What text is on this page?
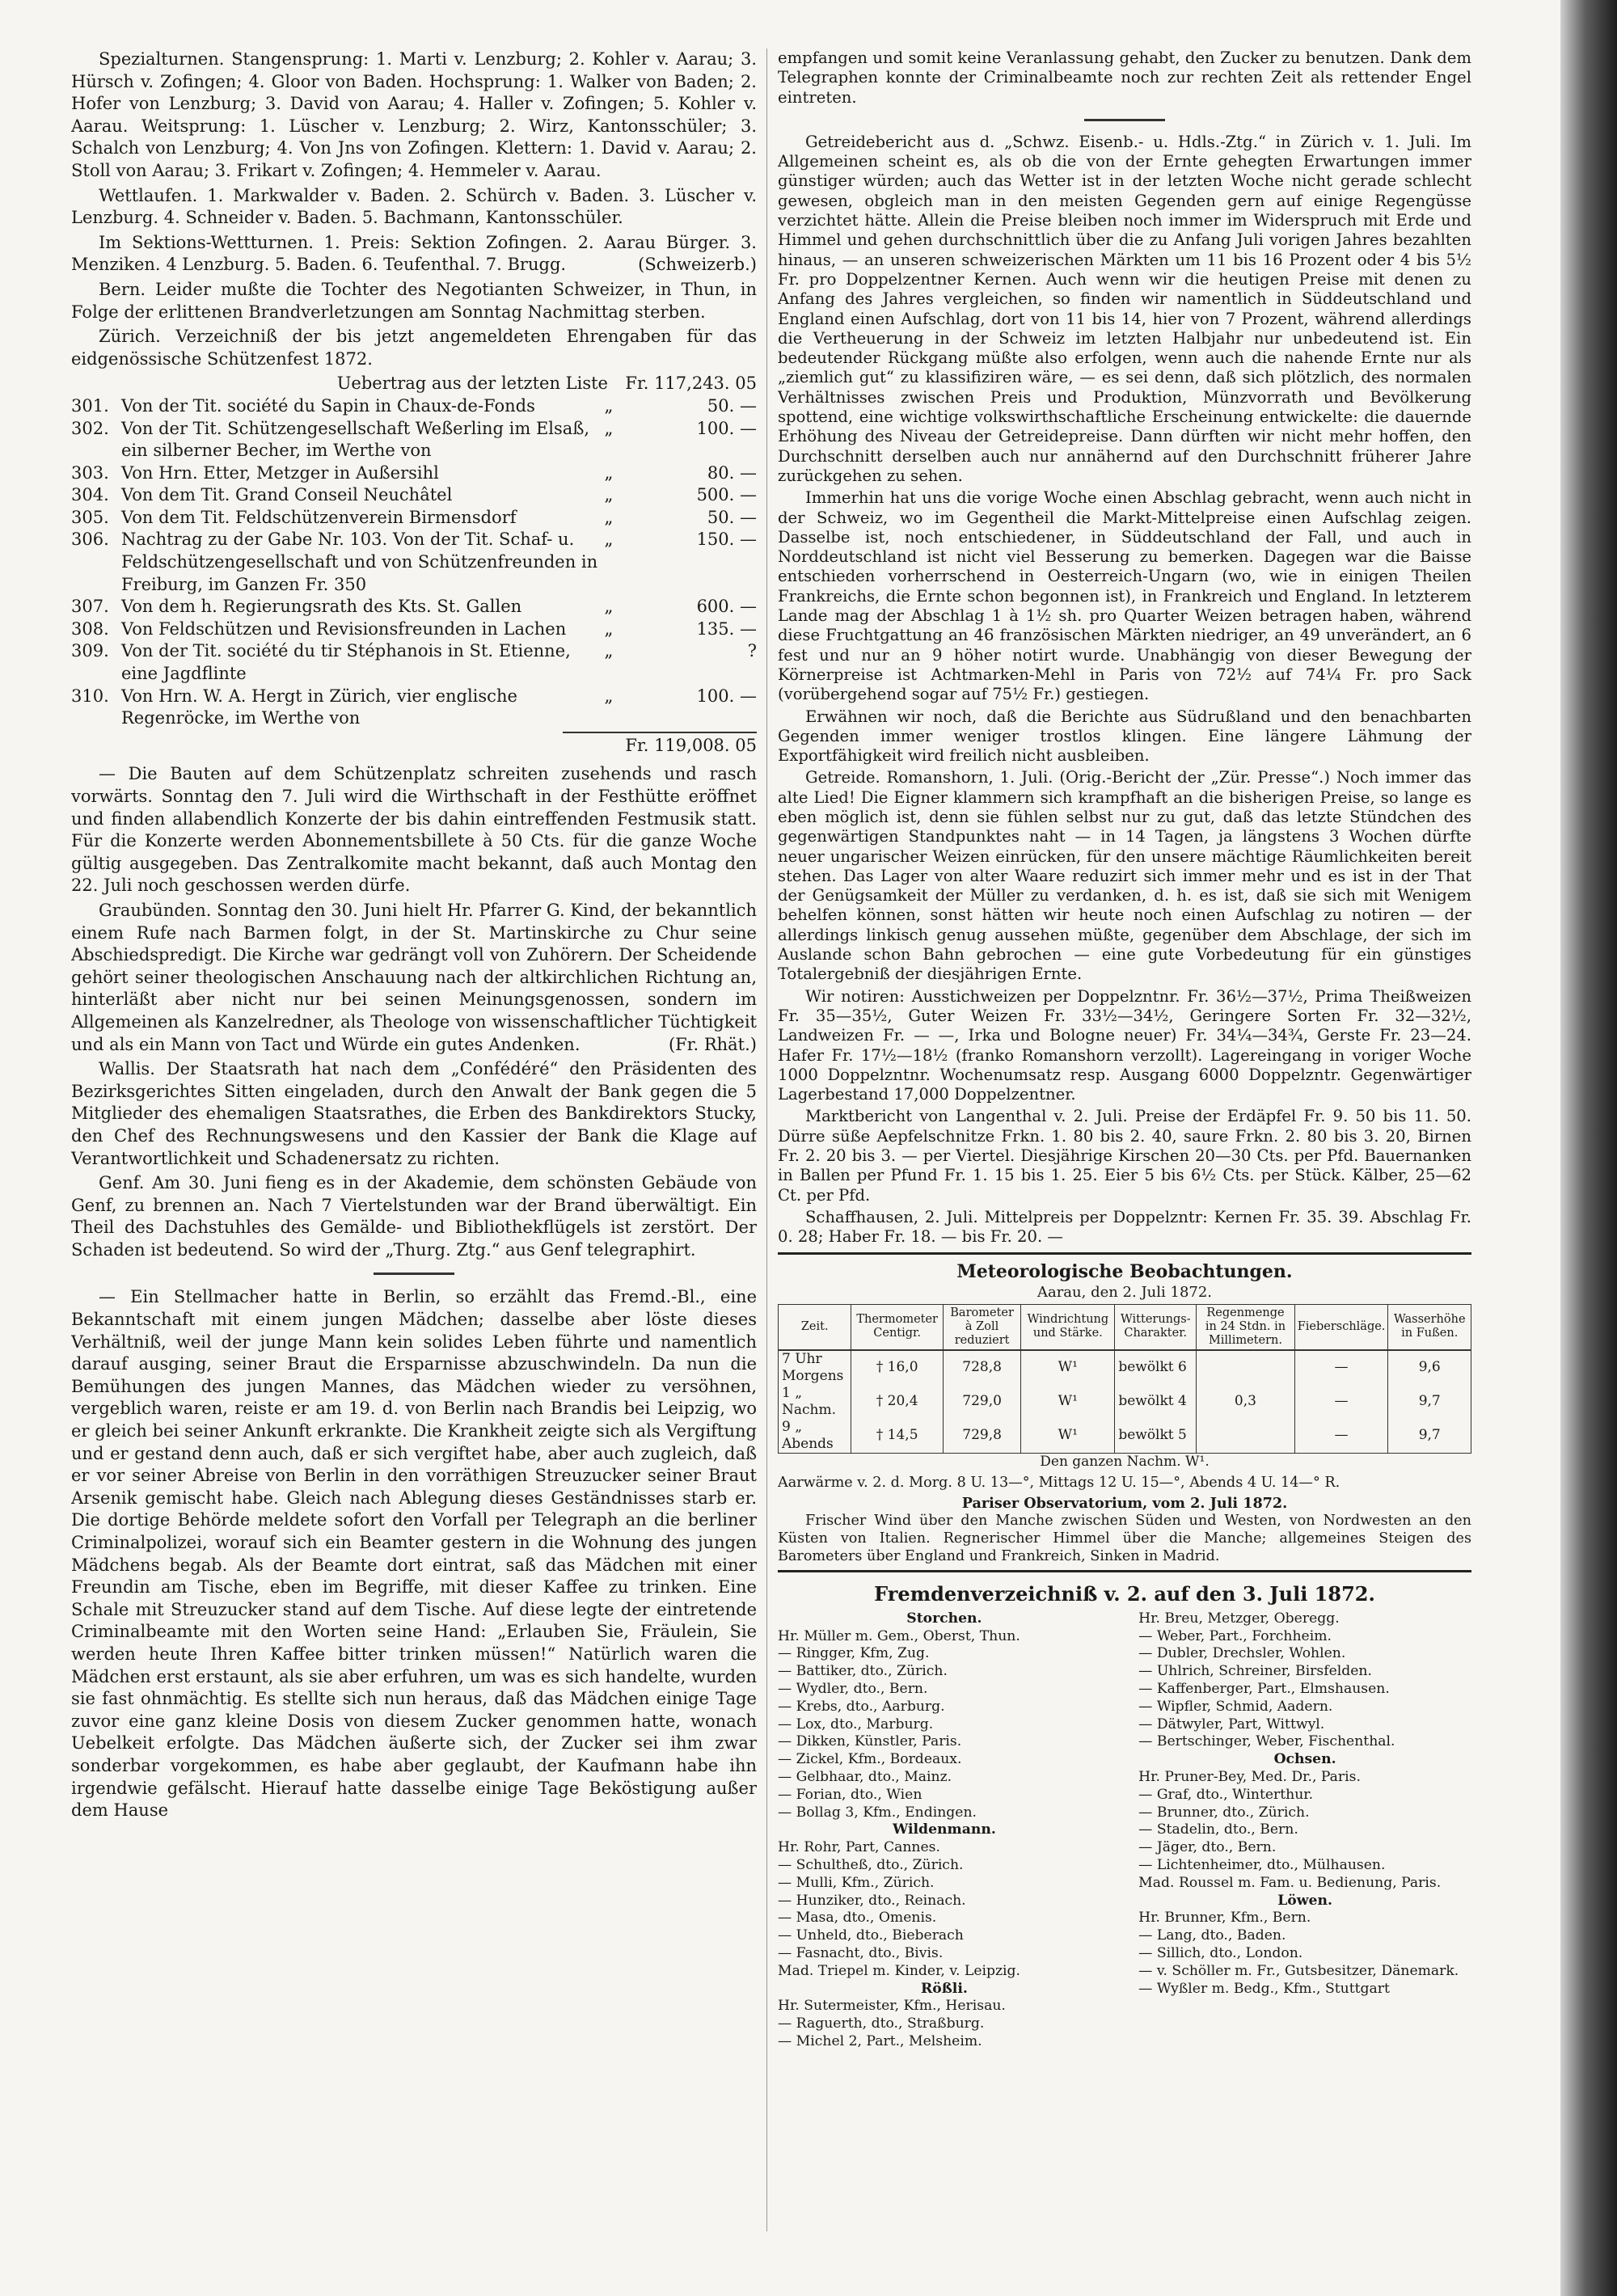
Spezialturnen. Stangensprung: 1. Marti v. Lenzburg; 2. Kohler v. Aarau; 3. Hürsch v. Zofingen; 4. Gloor von Baden. Hochsprung: 1. Walker von Baden; 2. Hofer von Lenzburg; 3. David von Aarau; 4. Haller v. Zofingen; 5. Kohler v. Aarau. Weitsprung: 1. Lüscher v. Lenzburg; 2. Wirz, Kantonsschüler; 3. Schalch von Lenzburg; 4. Von Jns von Zofingen. Klettern: 1. David v. Aarau; 2. Stoll von Aarau; 3. Frikart v. Zofingen; 4. Hemmeler v. Aarau.

Wettlaufen. 1. Markwalder v. Baden. 2. Schürch v. Baden. 3. Lüscher v. Lenzburg. 4. Schneider v. Baden. 5. Bachmann, Kantonsschüler.

Im Sektions-Wettturnen. 1. Preis: Sektion Zofingen. 2. Aarau Bürger. 3. Menziken. 4 Lenzburg. 5. Baden. 6. Teufenthal. 7. Brugg.	(Schweizerb.)

Bern. Leider mußte die Tochter des Negotianten Schweizer, in Thun, in Folge der erlittenen Brandverletzungen am Sonntag Nachmittag sterben.

Zürich. Verzeichniß der bis jetzt angemeldeten Ehrengaben für das eidgenössische Schützenfest 1872.

Uebertrag aus der letzten Liste	Fr. 117,243. 05
301. Von der Tit. société du Sapin in Chaux-de-Fonds	„	50. —
302. Von der Tit. Schützengesellschaft Weßerling im Elsaß, ein silberner Becher, im Werthe von
„	100. —
303. Von Hrn. Etter, Metzger in Außersihl	„	80. —
304. Von dem Tit. Grand Conseil Neuchâtel	„	500. —
305. Von dem Tit. Feldschützenverein Birmensdorf	„	50. —
306. Nachtrag zu der Gabe Nr. 103. Von der Tit. Schaf- u. Feldschützengesellschaft und von Schützenfreunden in Freiburg, im Ganzen Fr. 350
„	150. —
307. Von dem h. Regierungsrath des Kts. St. Gallen	„	600. —
308. Von Feldschützen und Revisionsfreunden in Lachen	„	135. —
309. Von der Tit. société du tir Stéphanois in St. Etienne, eine Jagdflinte
„	?
310. Von Hrn. W. A. Hergt in Zürich, vier englische Regenröcke, im Werthe von
„	100. —
Fr. 119,008. 05

— Die Bauten auf dem Schützenplatz schreiten zusehends und rasch vorwärts. Sonntag den 7. Juli wird die Wirthschaft in der Festhütte eröffnet und finden allabendlich Konzerte der bis dahin eintreffenden Festmusik statt. Für die Konzerte werden Abonnementsbillete à 50 Cts. für die ganze Woche gültig ausgegeben. Das Zentralkomite macht bekannt, daß auch Montag den 22. Juli noch geschossen werden dürfe.

Graubünden. Sonntag den 30. Juni hielt Hr. Pfarrer G. Kind, der bekanntlich einem Rufe nach Barmen folgt, in der St. Martinskirche zu Chur seine Abschiedspredigt. Die Kirche war gedrängt voll von Zuhörern. Der Scheidende gehört seiner theologischen Anschauung nach der altkirchlichen Richtung an, hinterläßt aber nicht nur bei seinen Meinungsgenossen, sondern im Allgemeinen als Kanzelredner, als Theologe von wissenschaftlicher Tüchtigkeit und als ein Mann von Tact und Würde ein gutes Andenken.	(Fr. Rhät.)

Wallis. Der Staatsrath hat nach dem „Confédéré“ den Präsidenten des Bezirksgerichtes Sitten eingeladen, durch den Anwalt der Bank gegen die 5 Mitglieder des ehemaligen Staatsrathes, die Erben des Bankdirektors Stucky, den Chef des Rechnungswesens und den Kassier der Bank die Klage auf Verantwortlichkeit und Schadenersatz zu richten.

Genf. Am 30. Juni fieng es in der Akademie, dem schönsten Gebäude von Genf, zu brennen an. Nach 7 Viertelstunden war der Brand überwältigt. Ein Theil des Dachstuhles des Gemälde- und Bibliothekflügels ist zerstört. Der Schaden ist bedeutend. So wird der „Thurg. Ztg.“ aus Genf telegraphirt.

— Ein Stellmacher hatte in Berlin, so erzählt das Fremd.-Bl., eine Bekanntschaft mit einem jungen Mädchen; dasselbe aber löste dieses Verhältniß, weil der junge Mann kein solides Leben führte und namentlich darauf ausging, seiner Braut die Ersparnisse abzuschwindeln. Da nun die Bemühungen des jungen Mannes, das Mädchen wieder zu versöhnen, vergeblich waren, reiste er am 19. d. von Berlin nach Brandis bei Leipzig, wo er gleich bei seiner Ankunft erkrankte. Die Krankheit zeigte sich als Vergiftung und er gestand denn auch, daß er sich vergiftet habe, aber auch zugleich, daß er vor seiner Abreise von Berlin in den vorräthigen Streuzucker seiner Braut Arsenik gemischt habe. Gleich nach Ablegung dieses Geständnisses starb er. Die dortige Behörde meldete sofort den Vorfall per Telegraph an die berliner Criminalpolizei, worauf sich ein Beamter gestern in die Wohnung des jungen Mädchens begab. Als der Beamte dort eintrat, saß das Mädchen mit einer Freundin am Tische, eben im Begriffe, mit dieser Kaffee zu trinken. Eine Schale mit Streuzucker stand auf dem Tische. Auf diese legte der eintretende Criminalbeamte mit den Worten seine Hand: „Erlauben Sie, Fräulein, Sie werden heute Ihren Kaffee bitter trinken müssen!“ Natürlich waren die Mädchen erst erstaunt, als sie aber erfuhren, um was es sich handelte, wurden sie fast ohnmächtig. Es stellte sich nun heraus, daß das Mädchen einige Tage zuvor eine ganz kleine Dosis von diesem Zucker genommen hatte, wonach Uebelkeit erfolgte. Das Mädchen äußerte sich, der Zucker sei ihm zwar sonderbar vorgekommen, es habe aber geglaubt, der Kaufmann habe ihn irgendwie gefälscht. Hierauf hatte dasselbe einige Tage Beköstigung außer dem Hause

empfangen und somit keine Veranlassung gehabt, den Zucker zu benutzen. Dank dem Telegraphen konnte der Criminalbeamte noch zur rechten Zeit als rettender Engel eintreten.

Getreidebericht aus d. „Schwz. Eisenb.- u. Hdls.-Ztg.“ in Zürich v. 1. Juli. Im Allgemeinen scheint es, als ob die von der Ernte gehegten Erwartungen immer günstiger würden; auch das Wetter ist in der letzten Woche nicht gerade schlecht gewesen, obgleich man in den meisten Gegenden gern auf einige Regengüsse verzichtet hätte. Allein die Preise bleiben noch immer im Widerspruch mit Erde und Himmel und gehen durchschnittlich über die zu Anfang Juli vorigen Jahres bezahlten hinaus, — an unseren schweizerischen Märkten um 11 bis 16 Prozent oder 4 bis 5½ Fr. pro Doppelzentner Kernen. Auch wenn wir die heutigen Preise mit denen zu Anfang des Jahres vergleichen, so finden wir namentlich in Süddeutschland und England einen Aufschlag, dort von 11 bis 14, hier von 7 Prozent, während allerdings die Vertheuerung in der Schweiz im letzten Halbjahr nur unbedeutend ist. Ein bedeutender Rückgang müßte also erfolgen, wenn auch die nahende Ernte nur als „ziemlich gut“ zu klassifiziren wäre, — es sei denn, daß sich plötzlich, des normalen Verhältnisses zwischen Preis und Produktion, Münzvorrath und Bevölkerung spottend, eine wichtige volkswirthschaftliche Erscheinung entwickelte: die dauernde Erhöhung des Niveau der Getreidepreise. Dann dürften wir nicht mehr hoffen, den Durchschnitt derselben auch nur annähernd auf den Durchschnitt früherer Jahre zurückgehen zu sehen.

Immerhin hat uns die vorige Woche einen Abschlag gebracht, wenn auch nicht in der Schweiz, wo im Gegentheil die Markt-Mittelpreise einen Aufschlag zeigen. Dasselbe ist, noch entschiedener, in Süddeutschland der Fall, und auch in Norddeutschland ist nicht viel Besserung zu bemerken. Dagegen war die Baisse entschieden vorherrschend in Oesterreich-Ungarn (wo, wie in einigen Theilen Frankreichs, die Ernte schon begonnen ist), in Frankreich und England. In letzterem Lande mag der Abschlag 1 à 1½ sh. pro Quarter Weizen betragen haben, während diese Fruchtgattung an 46 französischen Märkten niedriger, an 49 unverändert, an 6 fest und nur an 9 höher notirt wurde. Unabhängig von dieser Bewegung der Körnerpreise ist Achtmarken-Mehl in Paris von 72½ auf 74¼ Fr. pro Sack (vorübergehend sogar auf 75½ Fr.) gestiegen.

Erwähnen wir noch, daß die Berichte aus Südrußland und den benachbarten Gegenden immer weniger trostlos klingen. Eine längere Lähmung der Exportfähigkeit wird freilich nicht ausbleiben.

Getreide. Romanshorn, 1. Juli. (Orig.-Bericht der „Zür. Presse“.) Noch immer das alte Lied! Die Eigner klammern sich krampfhaft an die bisherigen Preise, so lange es eben möglich ist, denn sie fühlen selbst nur zu gut, daß das letzte Stündchen des gegenwärtigen Standpunktes naht — in 14 Tagen, ja längstens 3 Wochen dürfte neuer ungarischer Weizen einrücken, für den unsere mächtige Räumlichkeiten bereit stehen. Das Lager von alter Waare reduzirt sich immer mehr und es ist in der That der Genügsamkeit der Müller zu verdanken, d. h. es ist, daß sie sich mit Wenigem behelfen können, sonst hätten wir heute noch einen Aufschlag zu notiren — der allerdings linkisch genug aussehen müßte, gegenüber dem Abschlage, der sich im Auslande schon Bahn gebrochen — eine gute Vorbedeutung für ein günstiges Totalergebniß der diesjährigen Ernte.

Wir notiren: Ausstichweizen per Doppelzntnr. Fr. 36½—37½, Prima Theißweizen Fr. 35—35½, Guter Weizen Fr. 33½—34½, Geringere Sorten Fr. 32—32½, Landweizen Fr. — —, Irka und Bologne neuer) Fr. 34¼—34¾, Gerste Fr. 23—24. Hafer Fr. 17½—18½ (franko Romanshorn verzollt). Lagereingang in voriger Woche 1000 Doppelzntnr. Wochenumsatz resp. Ausgang 6000 Doppelzntr. Gegenwärtiger Lagerbestand 17,000 Doppelzentner.

Marktbericht von Langenthal v. 2. Juli. Preise der Erdäpfel Fr. 9. 50 bis 11. 50. Dürre süße Aepfelschnitze Frkn. 1. 80 bis 2. 40, saure Frkn. 2. 80 bis 3. 20, Birnen Fr. 2. 20 bis 3. — per Viertel. Diesjährige Kirschen 20—30 Cts. per Pfd. Bauernanken in Ballen per Pfund Fr. 1. 15 bis 1. 25. Eier 5 bis 6½ Cts. per Stück. Kälber, 25—62 Ct. per Pfd.

Schaffhausen, 2. Juli. Mittelpreis per Doppelzntr: Kernen Fr. 35. 39. Abschlag Fr. 0. 28; Haber Fr. 18. — bis Fr. 20. —

Meteorologische Beobachtungen.
Aarau, den 2. Juli 1872.
Zeit.	Thermometer Centigr.	Barometer à Zoll reduziert	Windrichtung und Stärke.	Witterungs-Charakter.	Regenmenge in 24 Stdn. in Millimetern.	Fieberschläge.	Wasserhöhe in Fußen.
7 Uhr Morgens	† 16,0	728,8	W¹	bewölkt 6		—	9,6
1 „ Nachm.	† 20,4	729,0	W¹	bewölkt 4	0,3	—	9,7
9 „ Abends	† 14,5	729,8	W¹	bewölkt 5		—	9,7
Den ganzen Nachm. W¹.

Aarwärme v. 2. d. Morg. 8 U. 13—°, Mittags 12 U. 15—°, Abends 4 U. 14—° R.

Pariser Observatorium, vom 2. Juli 1872.

Frischer Wind über den Manche zwischen Süden und Westen, von Nordwesten an den Küsten von Italien. Regnerischer Himmel über die Manche; allgemeines Steigen des Barometers über England und Frankreich, Sinken in Madrid.

Fremdenverzeichniß v. 2. auf den 3. Juli 1872.
Storchen.
Hr. Müller m. Gem., Oberst, Thun.
— Ringger, Kfm, Zug.
— Battiker, dto., Zürich.
— Wydler, dto., Bern.
— Krebs, dto., Aarburg.
— Lox, dto., Marburg.
— Dikken, Künstler, Paris.
— Zickel, Kfm., Bordeaux.
— Gelbhaar, dto., Mainz.
— Forian, dto., Wien
— Bollag 3, Kfm., Endingen.
Wildenmann.
Hr. Rohr, Part, Cannes.
— Schultheß, dto., Zürich.
— Mulli, Kfm., Zürich.
— Hunziker, dto., Reinach.
— Masa, dto., Omenis.
— Unheld, dto., Bieberach
— Fasnacht, dto., Bivis.
Mad. Triepel m. Kinder, v. Leipzig.
Rößli.
Hr. Sutermeister, Kfm., Herisau.
— Raguerth, dto., Straßburg.
— Michel 2, Part., Melsheim.
Hr. Breu, Metzger, Oberegg.
— Weber, Part., Forchheim.
— Dubler, Drechsler, Wohlen.
— Uhlrich, Schreiner, Birsfelden.
— Kaffenberger, Part., Elmshausen.
— Wipfler, Schmid, Aadern.
— Dätwyler, Part, Wittwyl.
— Bertschinger, Weber, Fischenthal.
Ochsen.
Hr. Pruner-Bey, Med. Dr., Paris.
— Graf, dto., Winterthur.
— Brunner, dto., Zürich.
— Stadelin, dto., Bern.
— Jäger, dto., Bern.
— Lichtenheimer, dto., Mülhausen.
Mad. Roussel m. Fam. u. Bedienung, Paris.
Löwen.
Hr. Brunner, Kfm., Bern.
— Lang, dto., Baden.
— Sillich, dto., London.
— v. Schöller m. Fr., Gutsbesitzer, Dänemark.
— Wyßler m. Bedg., Kfm., Stuttgart
